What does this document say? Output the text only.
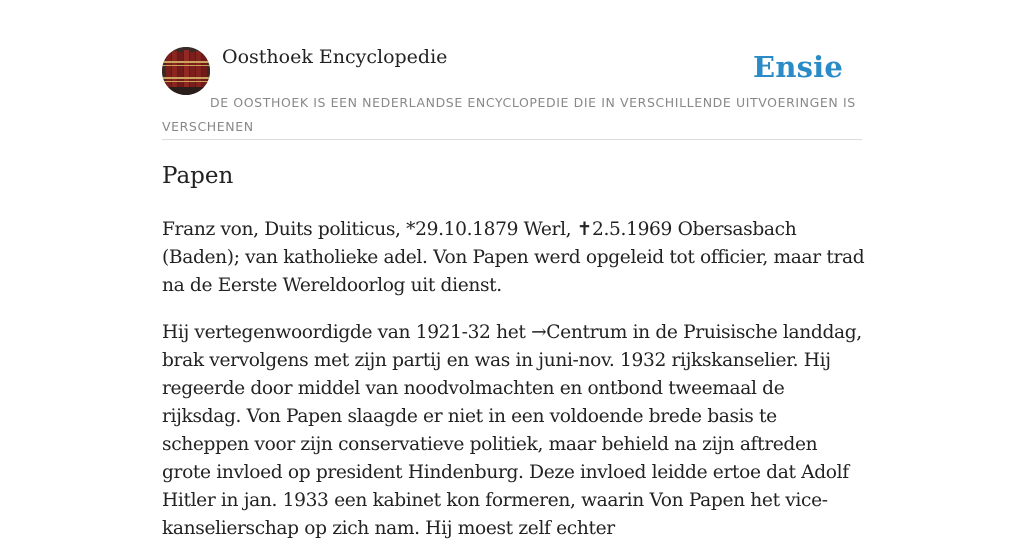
Oosthoek Encyclopedie	Ensie
DE OOSTHOEK IS EEN NEDERLANDSE ENCYCLOPEDIE DIE IN VERSCHILLENDE UITVOERINGEN IS VERSCHENEN
Papen

Franz von, Duits politicus, *29.10.1879 Werl, ✝2.5.1969 Obersasbach (Baden); van katholieke adel. Von Papen werd opgeleid tot officier, maar trad na de Eerste Wereldoorlog uit dienst.

Hij vertegenwoordigde van 1921-32 het →Centrum in de Pruisische landdag, brak vervolgens met zijn partij en was in juni-nov. 1932 rijkskanselier. Hij regeerde door middel van noodvolmachten en ontbond tweemaal de rijksdag. Von Papen slaagde er niet in een voldoende brede basis te scheppen voor zijn conservatieve politiek, maar behield na zijn aftreden grote invloed op president Hindenburg. Deze invloed leidde ertoe dat Adolf Hitler in jan. 1933 een kabinet kon formeren, waarin Von Papen het vice-kanselierschap op zich nam. Hij moest zelf echter
